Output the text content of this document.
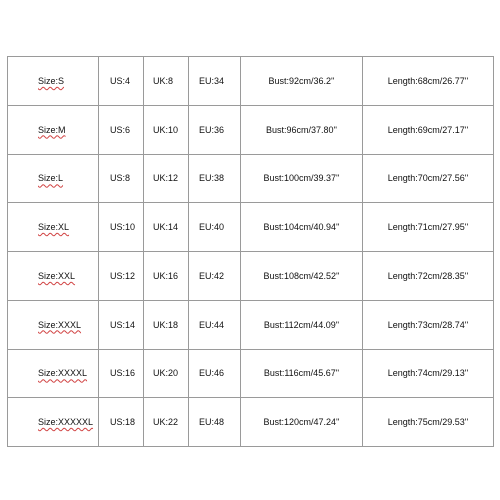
Size:S	US:4	UK:8	EU:34	Bust:92cm/36.2''	Length:68cm/26.77''
Size:M	US:6	UK:10	EU:36	Bust:96cm/37.80''	Length:69cm/27.17''
Size:L	US:8	UK:12	EU:38	Bust:100cm/39.37''	Length:70cm/27.56''
Size:XL	US:10	UK:14	EU:40	Bust:104cm/40.94''	Length:71cm/27.95''
Size:XXL	US:12	UK:16	EU:42	Bust:108cm/42.52''	Length:72cm/28.35''
Size:XXXL	US:14	UK:18	EU:44	Bust:112cm/44.09''	Length:73cm/28.74''
Size:XXXXL	US:16	UK:20	EU:46	Bust:116cm/45.67''	Length:74cm/29.13''
Size:XXXXXL	US:18	UK:22	EU:48	Bust:120cm/47.24''	Length:75cm/29.53''
